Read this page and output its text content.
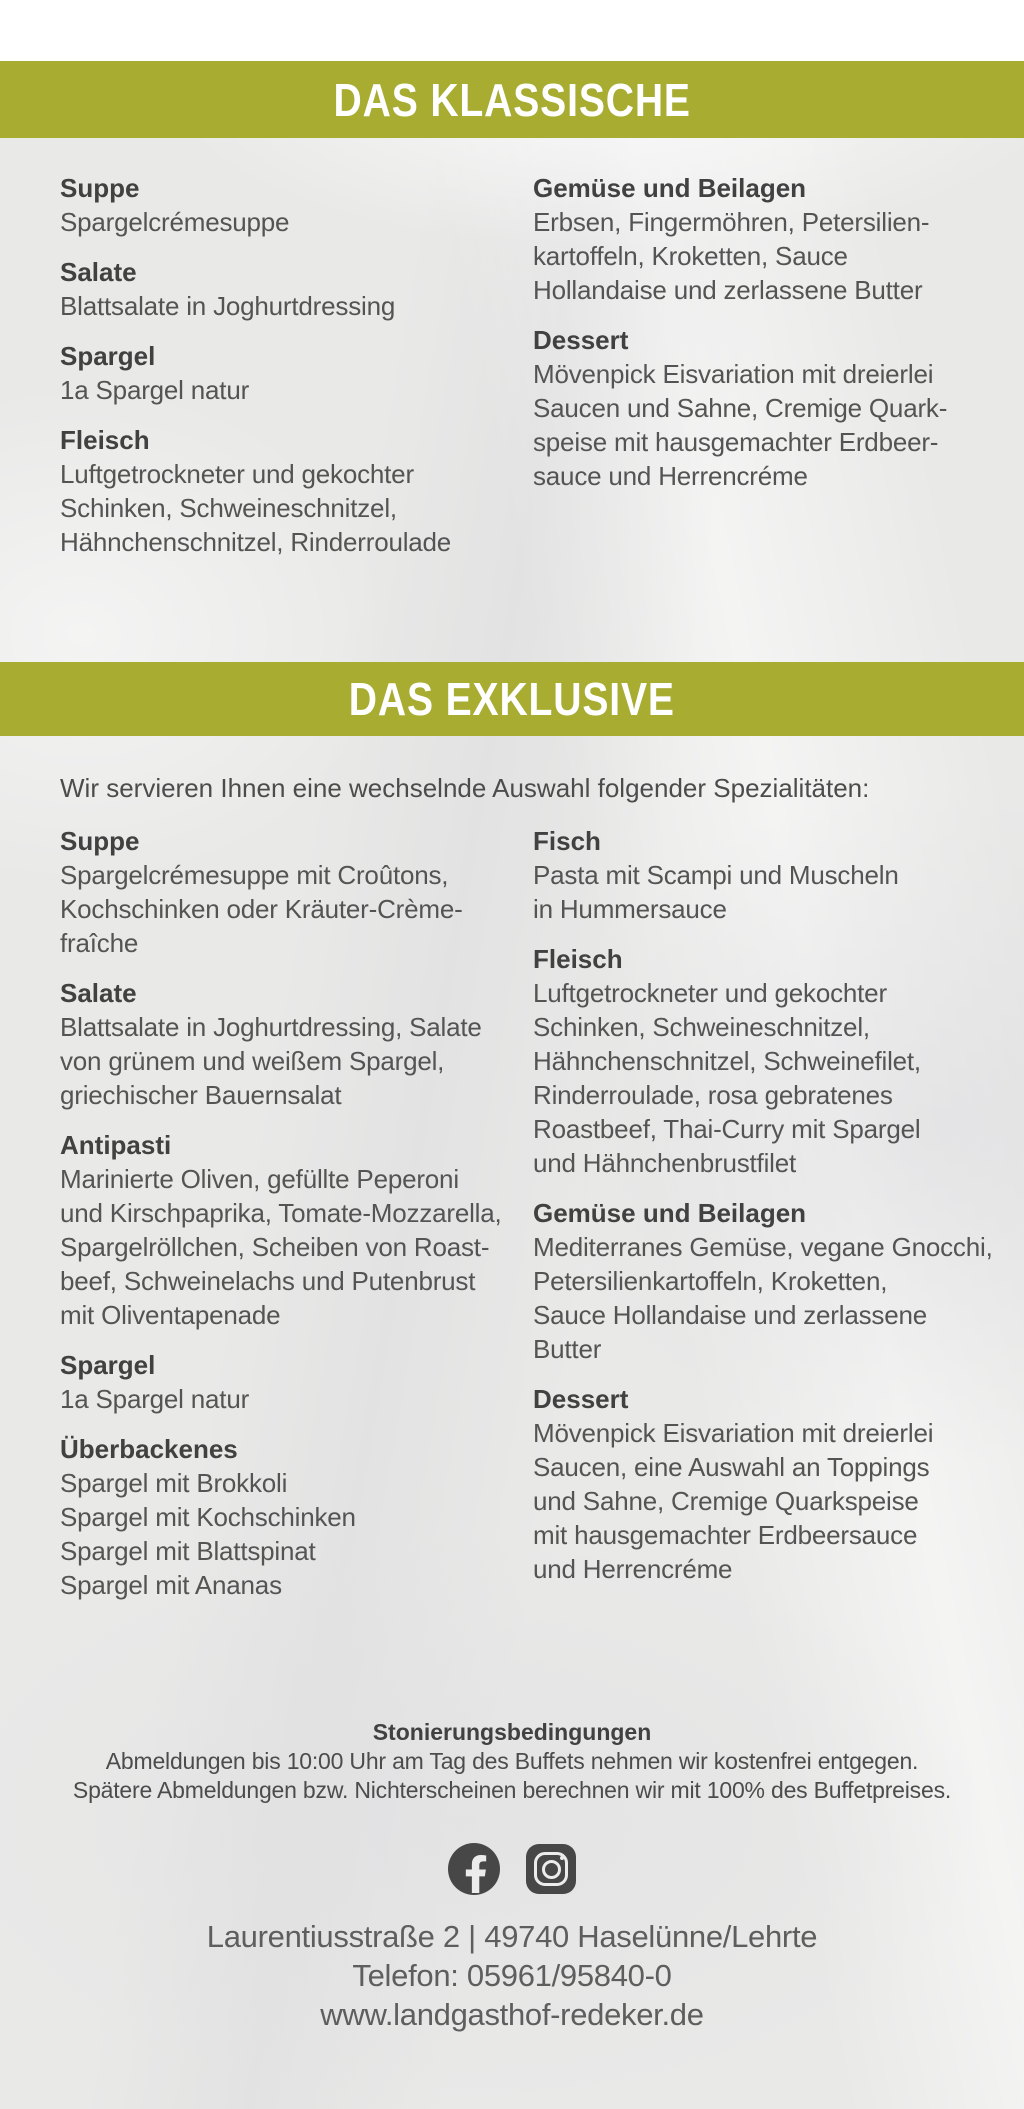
DAS KLASSISCHE
Suppe
Spargelcrémesuppe
Salate
Blattsalate in Joghurtdressing
Spargel
1a Spargel natur
Fleisch
Luftgetrockneter und gekochter
Schinken, Schweineschnitzel,
Hähnchenschnitzel, Rinderroulade
Gemüse und Beilagen
Erbsen, Fingermöhren, Petersilien-
kartoffeln, Kroketten, Sauce
Hollandaise und zerlassene Butter
Dessert
Mövenpick Eisvariation mit dreierlei
Saucen und Sahne, Cremige Quark-
speise mit hausgemachter Erdbeer-
sauce und Herrencréme
DAS EXKLUSIVE
Wir servieren Ihnen eine wechselnde Auswahl folgender Spezialitäten:
Suppe
Spargelcrémesuppe mit Croûtons,
Kochschinken oder Kräuter-Crème-
fraîche
Salate
Blattsalate in Joghurtdressing, Salate
von grünem und weißem Spargel,
griechischer Bauernsalat
Antipasti
Marinierte Oliven, gefüllte Peperoni
und Kirschpaprika, Tomate-Mozzarella,
Spargelröllchen, Scheiben von Roast-
beef, Schweinelachs und Putenbrust
mit Oliventapenade
Spargel
1a Spargel natur
Überbackenes
Spargel mit Brokkoli
Spargel mit Kochschinken
Spargel mit Blattspinat
Spargel mit Ananas
Fisch
Pasta mit Scampi und Muscheln
in Hummersauce
Fleisch
Luftgetrockneter und gekochter
Schinken, Schweineschnitzel,
Hähnchenschnitzel, Schweinefilet,
Rinderroulade, rosa gebratenes
Roastbeef, Thai-Curry mit Spargel
und Hähnchenbrustfilet
Gemüse und Beilagen
Mediterranes Gemüse, vegane Gnocchi,
Petersilienkartoffeln, Kroketten,
Sauce Hollandaise und zerlassene
Butter
Dessert
Mövenpick Eisvariation mit dreierlei
Saucen, eine Auswahl an Toppings
und Sahne, Cremige Quarkspeise
mit hausgemachter Erdbeersauce
und Herrencréme
Stonierungsbedingungen
Abmeldungen bis 10:00 Uhr am Tag des Buffets nehmen wir kostenfrei entgegen.
Spätere Abmeldungen bzw. Nichterscheinen berechnen wir mit 100% des Buffetpreises.
Laurentiusstraße 2 | 49740 Haselünne/Lehrte
Telefon: 05961/95840-0
www.landgasthof-redeker.de
